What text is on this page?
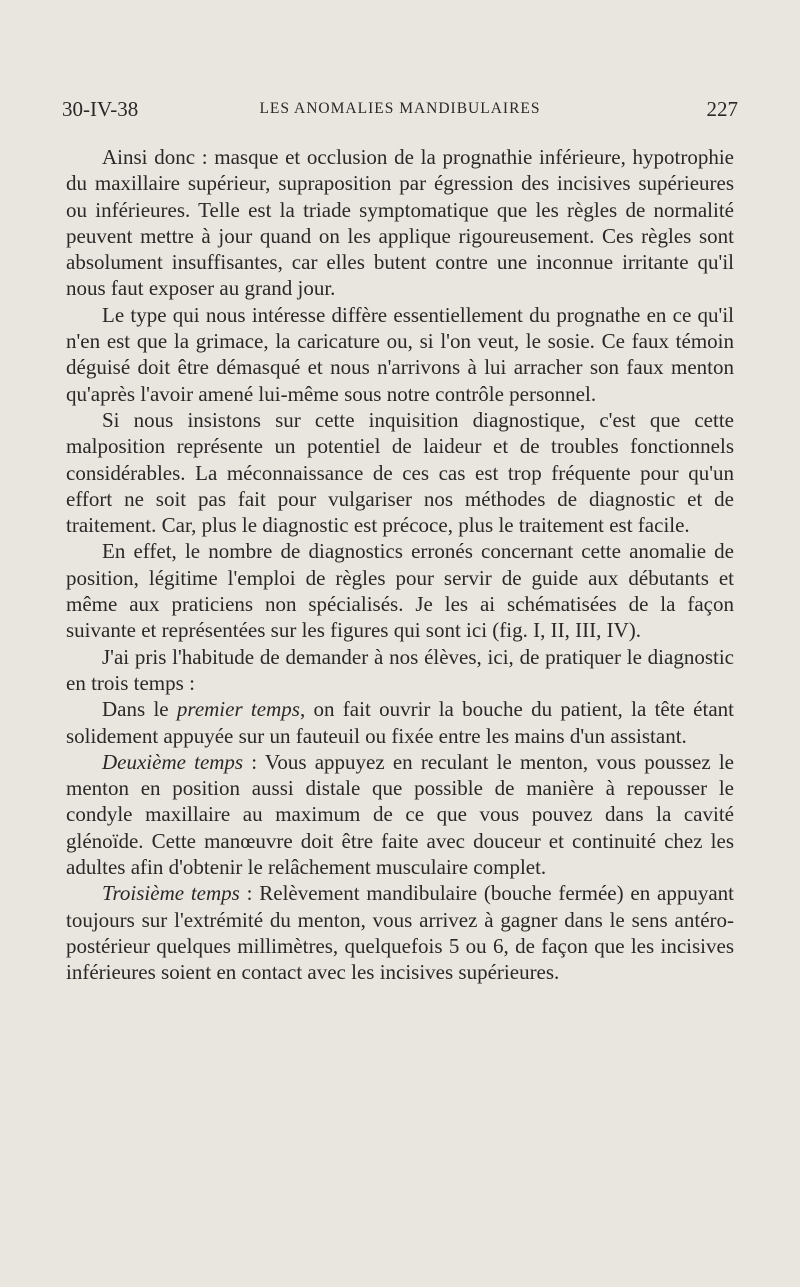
30-IV-38	LES ANOMALIES MANDIBULAIRES	227

Ainsi donc : masque et occlusion de la prognathie inférieure, hypotrophie du maxillaire supérieur, supraposition par égression des incisives supérieures ou inférieures. Telle est la triade symptomatique que les règles de normalité peuvent mettre à jour quand on les applique rigoureusement. Ces règles sont absolument insuffisantes, car elles butent contre une inconnue irritante qu'il nous faut exposer au grand jour.

Le type qui nous intéresse diffère essentiellement du prognathe en ce qu'il n'en est que la grimace, la caricature ou, si l'on veut, le sosie. Ce faux témoin déguisé doit être démasqué et nous n'arrivons à lui arracher son faux menton qu'après l'avoir amené lui-même sous notre contrôle personnel.

Si nous insistons sur cette inquisition diagnostique, c'est que cette malposition représente un potentiel de laideur et de troubles fonctionnels considérables. La méconnaissance de ces cas est trop fréquente pour qu'un effort ne soit pas fait pour vulgariser nos méthodes de diagnostic et de traitement. Car, plus le diagnostic est précoce, plus le traitement est facile.

En effet, le nombre de diagnostics erronés concernant cette anomalie de position, légitime l'emploi de règles pour servir de guide aux débutants et même aux praticiens non spécialisés. Je les ai schématisées de la façon suivante et représentées sur les figures qui sont ici (fig. I, II, III, IV).

J'ai pris l'habitude de demander à nos élèves, ici, de pratiquer le diagnostic en trois temps :

Dans le premier temps, on fait ouvrir la bouche du patient, la tête étant solidement appuyée sur un fauteuil ou fixée entre les mains d'un assistant.

Deuxième temps : Vous appuyez en reculant le menton, vous poussez le menton en position aussi distale que possible de manière à repousser le condyle maxillaire au maximum de ce que vous pouvez dans la cavité glénoïde. Cette manœuvre doit être faite avec douceur et continuité chez les adultes afin d'obtenir le relâchement musculaire complet.

Troisième temps : Relèvement mandibulaire (bouche fermée) en appuyant toujours sur l'extrémité du menton, vous arrivez à gagner dans le sens antéro-postérieur quelques millimètres, quelquefois 5 ou 6, de façon que les incisives inférieures soient en contact avec les incisives supérieures.
